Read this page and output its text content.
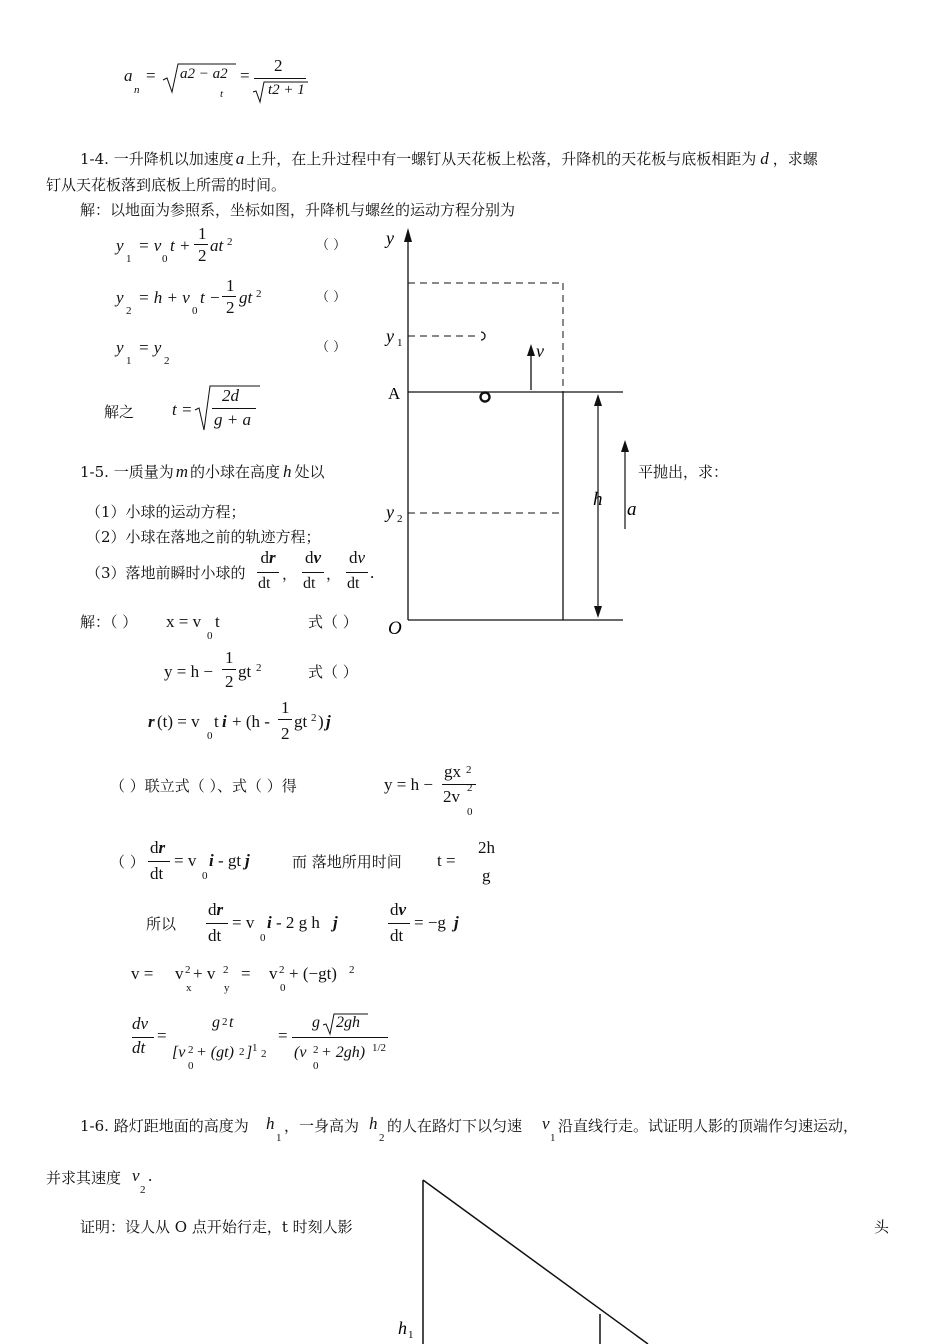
a
n
= a2 − a2
t
=
2
t2 + 1
1-4. 一升降机以加速度 a 上升，在上升过程中有一螺钉从天花板上松落，升降机的天花板与底板相距为 d ，求螺
钉从天花板落到底板上所需的时间。
解：以地面为参照系，坐标如图，升降机与螺丝的运动方程分别为
y
1
= v
0
t +
1
2
at 2	（ ）
y
2
= h + v
0
t −
1
2
gt 2	（ ）
y
1
= y
2
（ ）
解之 t =
2d
g + a
y
y 1	v
A
h a
y 2
O
1-5. 一质量为 m 的小球在高度 h 处以	平抛出，求：
（1）小球的运动方程；
（2）小球在落地之前的轨迹方程；
（3）落地前瞬时小球的
dr
dt
，
dv
dt
，
dv
dt
.
解：（ ） x = v
0
t	式（ ）
y = h −
1
2
gt 2	式（ ）
r (t) = v
0
t i + (h -
1
2
gt 2 ) j
（ ）联立式（ ）、式（ ）得	y = h −
gx 2
2v 2
0
（ ）
dr
dt
= v
0
i - gt j	而 落地所用时间 t =
2h
g
所以
dr
dt
= v
0
i - 2 g h j
dv
dt
= −g j
v = v 2
x
+ v 2
y
= v 2
0
+ (−gt) 2
dv
dt
=
g 2 t
[v 2
0
+ (gt) 2 ] 1 2
=
g 2gh
(v 2
0
+ 2gh) 1/2
1-6. 路灯距地面的高度为 h
1
，一身高为 h
2
的人在路灯下以匀速 v
1
沿直线行走。试证明人影的顶端作匀速运动，
并求其速度 v
2
.
证明：设人从 O 点开始行走，t 时刻人影	头
h 1
